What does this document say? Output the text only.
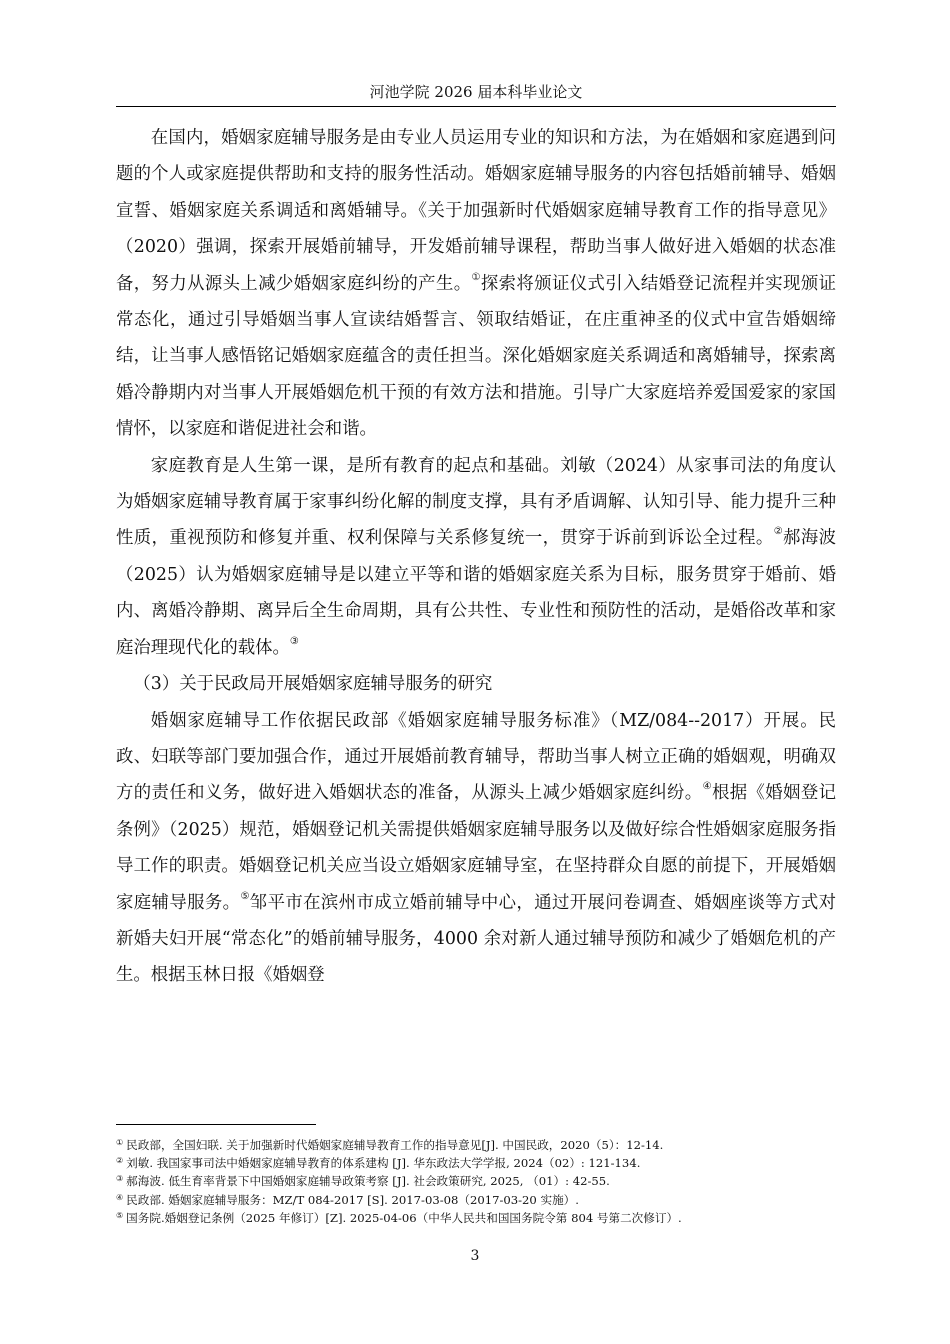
河池学院 2026 届本科毕业论文

在国内，婚姻家庭辅导服务是由专业人员运用专业的知识和方法，为在婚姻和家庭遇到问题的个人或家庭提供帮助和支持的服务性活动。婚姻家庭辅导服务的内容包括婚前辅导、婚姻宣誓、婚姻家庭关系调适和离婚辅导。《关于加强新时代婚姻家庭辅导教育工作的指导意见》（2020）强调，探索开展婚前辅导，开发婚前辅导课程，帮助当事人做好进入婚姻的状态准备，努力从源头上减少婚姻家庭纠纷的产生。①探索将颁证仪式引入结婚登记流程并实现颁证常态化，通过引导婚姻当事人宣读结婚誓言、领取结婚证，在庄重神圣的仪式中宣告婚姻缔结，让当事人感悟铭记婚姻家庭蕴含的责任担当。深化婚姻家庭关系调适和离婚辅导，探索离婚冷静期内对当事人开展婚姻危机干预的有效方法和措施。引导广大家庭培养爱国爱家的家国情怀，以家庭和谐促进社会和谐。

家庭教育是人生第一课，是所有教育的起点和基础。刘敏（2024）从家事司法的角度认为婚姻家庭辅导教育属于家事纠纷化解的制度支撑，具有矛盾调解、认知引导、能力提升三种性质，重视预防和修复并重、权利保障与关系修复统一，贯穿于诉前到诉讼全过程。②郝海波（2025）认为婚姻家庭辅导是以建立平等和谐的婚姻家庭关系为目标，服务贯穿于婚前、婚内、离婚冷静期、离异后全生命周期，具有公共性、专业性和预防性的活动，是婚俗改革和家庭治理现代化的载体。③

（3）关于民政局开展婚姻家庭辅导服务的研究

婚姻家庭辅导工作依据民政部《婚姻家庭辅导服务标准》（MZ/084--2017）开展。民政、妇联等部门要加强合作，通过开展婚前教育辅导，帮助当事人树立正确的婚姻观，明确双方的责任和义务，做好进入婚姻状态的准备，从源头上减少婚姻家庭纠纷。④根据《婚姻登记条例》（2025）规范，婚姻登记机关需提供婚姻家庭辅导服务以及做好综合性婚姻家庭服务指导工作的职责。婚姻登记机关应当设立婚姻家庭辅导室，在坚持群众自愿的前提下，开展婚姻家庭辅导服务。⑤邹平市在滨州市成立婚前辅导中心，通过开展问卷调查、婚姻座谈等方式对新婚夫妇开展“常态化”的婚前辅导服务，4000 余对新人通过辅导预防和减少了婚姻危机的产生。根据玉林日报《婚姻登

① 民政部，全国妇联. 关于加强新时代婚姻家庭辅导教育工作的指导意见[J]. 中国民政，2020（5）：12-14.
② 刘敏. 我国家事司法中婚姻家庭辅导教育的体系建构 [J]. 华东政法大学学报, 2024（02）: 121-134.
③ 郝海波. 低生育率背景下中国婚姻家庭辅导政策考察 [J]. 社会政策研究, 2025, （01）: 42-55.
④ 民政部. 婚姻家庭辅导服务：MZ/T 084-2017 [S]. 2017-03-08（2017-03-20 实施）.
⑤ 国务院.婚姻登记条例（2025 年修订）[Z]. 2025-04-06（中华人民共和国国务院令第 804 号第二次修订）.
3
